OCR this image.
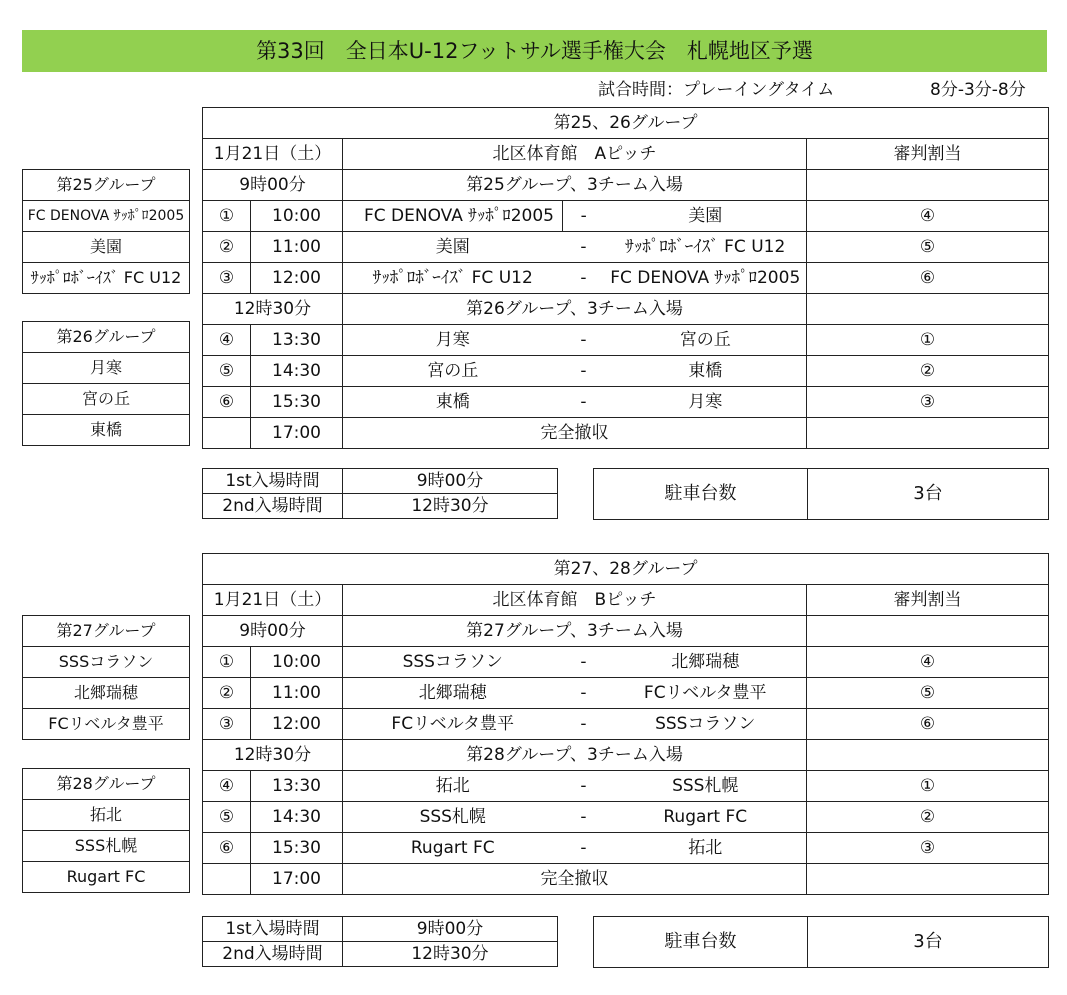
第33回　全日本U-12フットサル選手権大会　札幌地区予選
試合時間：プレーイングタイム	8分-3分-8分
第25、26グループ					
1月21日（土）		北区体育館　Aピッチ			審判割当
9時00分		第25グループ、3チーム入場			
①	10:00	FC DENOVA ｻｯﾎﾟﾛ2005	-	美園	④
②	11:00	美園	-	ｻｯﾎﾟﾛﾎﾞｰｲｽﾞ FC U12	⑤
③	12:00	ｻｯﾎﾟﾛﾎﾞｰｲｽﾞ FC U12	-	FC DENOVA ｻｯﾎﾟﾛ2005	⑥
12時30分		第26グループ、3チーム入場			
④	13:30	月寒	-	宮の丘	①
⑤	14:30	宮の丘	-	東橋	②
⑥	15:30	東橋	-	月寒	③
	17:00	完全撤収			
第25グループ
FC DENOVA ｻｯﾎﾟﾛ2005
美園
ｻｯﾎﾟﾛﾎﾞｰｲｽﾞ FC U12
第26グループ
月寒
宮の丘
東橋
1st入場時間	9時00分
2nd入場時間	12時30分
駐車台数	3台
第27、28グループ					
1月21日（土）		北区体育館　Bピッチ			審判割当
9時00分		第27グループ、3チーム入場			
①	10:00	SSSコラソン	-	北郷瑞穂	④
②	11:00	北郷瑞穂	-	FCリベルタ豊平	⑤
③	12:00	FCリベルタ豊平	-	SSSコラソン	⑥
12時30分		第28グループ、3チーム入場			
④	13:30	拓北	-	SSS札幌	①
⑤	14:30	SSS札幌	-	Rugart FC	②
⑥	15:30	Rugart FC	-	拓北	③
	17:00	完全撤収			
第27グループ
SSSコラソン
北郷瑞穂
FCリベルタ豊平
第28グループ
拓北
SSS札幌
Rugart FC
1st入場時間	9時00分
2nd入場時間	12時30分
駐車台数	3台
